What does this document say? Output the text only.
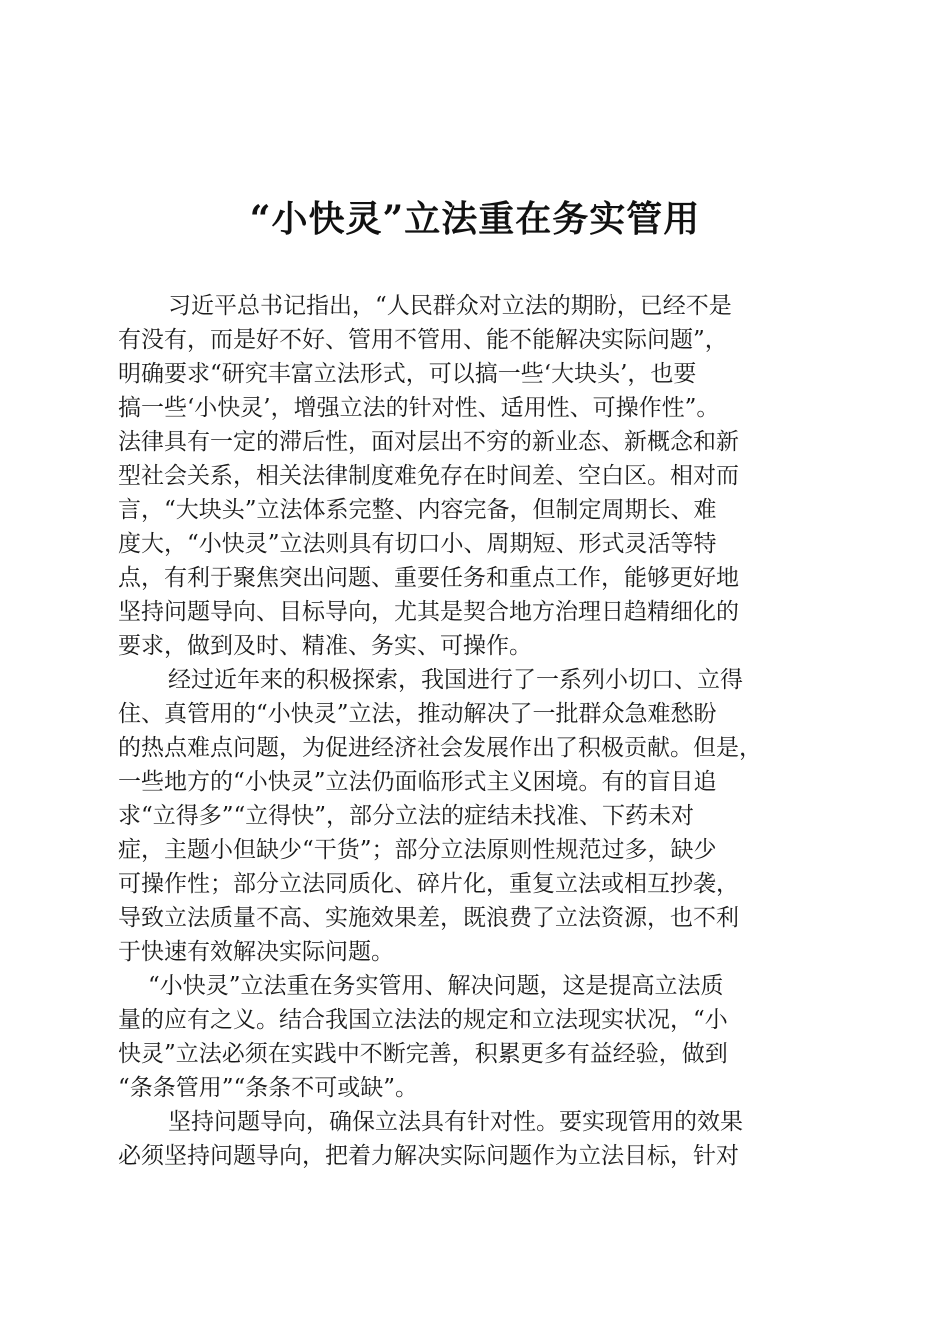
“小快灵”立法重在务实管用
习近平总书记指出，“人民群众对立法的期盼，已经不是
有没有，而是好不好、管用不管用、能不能解决实际问题”，
明确要求“研究丰富立法形式，可以搞一些‘大块头’，也要
搞一些‘小快灵’，增强立法的针对性、适用性、可操作性”。
法律具有一定的滞后性，面对层出不穷的新业态、新概念和新
型社会关系，相关法律制度难免存在时间差、空白区。相对而
言，“大块头”立法体系完整、内容完备，但制定周期长、难
度大，“小快灵”立法则具有切口小、周期短、形式灵活等特
点，有利于聚焦突出问题、重要任务和重点工作，能够更好地
坚持问题导向、目标导向，尤其是契合地方治理日趋精细化的
要求，做到及时、精准、务实、可操作。
经过近年来的积极探索，我国进行了一系列小切口、立得
住、真管用的“小快灵”立法，推动解决了一批群众急难愁盼
的热点难点问题，为促进经济社会发展作出了积极贡献。但是，
一些地方的“小快灵”立法仍面临形式主义困境。有的盲目追
求“立得多”“立得快”，部分立法的症结未找准、下药未对
症，主题小但缺少“干货”；部分立法原则性规范过多，缺少
可操作性；部分立法同质化、碎片化，重复立法或相互抄袭，
导致立法质量不高、实施效果差，既浪费了立法资源，也不利
于快速有效解决实际问题。
“小快灵”立法重在务实管用、解决问题，这是提高立法质
量的应有之义。结合我国立法法的规定和立法现实状况，“小
快灵”立法必须在实践中不断完善，积累更多有益经验，做到
“条条管用”“条条不可或缺”。
坚持问题导向，确保立法具有针对性。要实现管用的效果
必须坚持问题导向，把着力解决实际问题作为立法目标，针对
